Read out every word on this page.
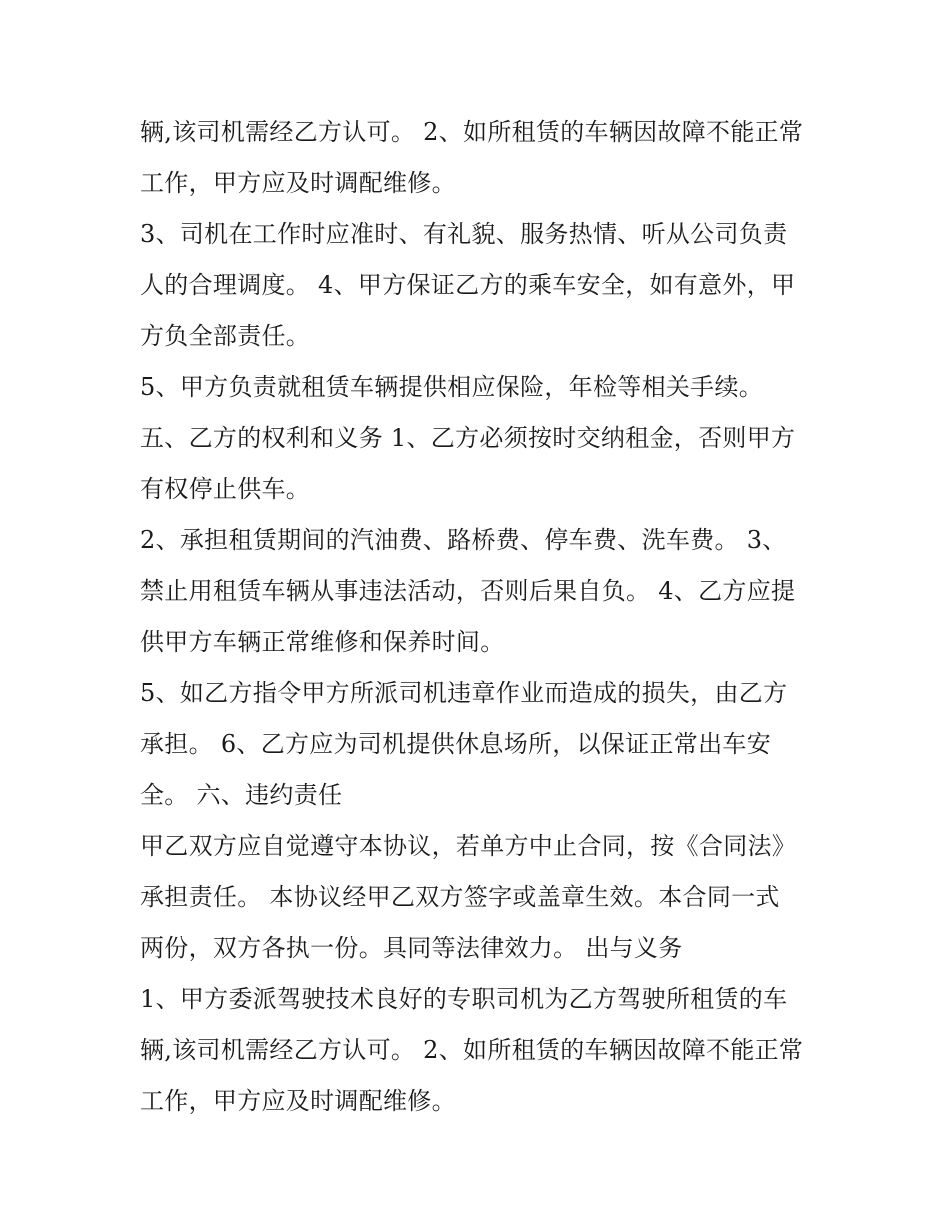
辆,该司机需经乙方认可。 2、如所租赁的车辆因故障不能正常
工作，甲方应及时调配维修。
3、司机在工作时应准时、有礼貌、服务热情、听从公司负责
人的合理调度。 4、甲方保证乙方的乘车安全，如有意外，甲
方负全部责任。
5、甲方负责就租赁车辆提供相应保险，年检等相关手续。
五、乙方的权利和义务 1、乙方必须按时交纳租金，否则甲方
有权停止供车。
2、承担租赁期间的汽油费、路桥费、停车费、洗车费。 3、
禁止用租赁车辆从事违法活动，否则后果自负。 4、乙方应提
供甲方车辆正常维修和保养时间。
5、如乙方指令甲方所派司机违章作业而造成的损失，由乙方
承担。 6、乙方应为司机提供休息场所，以保证正常出车安
全。 六、违约责任
甲乙双方应自觉遵守本协议，若单方中止合同，按《合同法》
承担责任。 本协议经甲乙双方签字或盖章生效。本合同一式
两份，双方各执一份。具同等法律效力。 出与义务
1、甲方委派驾驶技术良好的专职司机为乙方驾驶所租赁的车
辆,该司机需经乙方认可。 2、如所租赁的车辆因故障不能正常
工作，甲方应及时调配维修。
